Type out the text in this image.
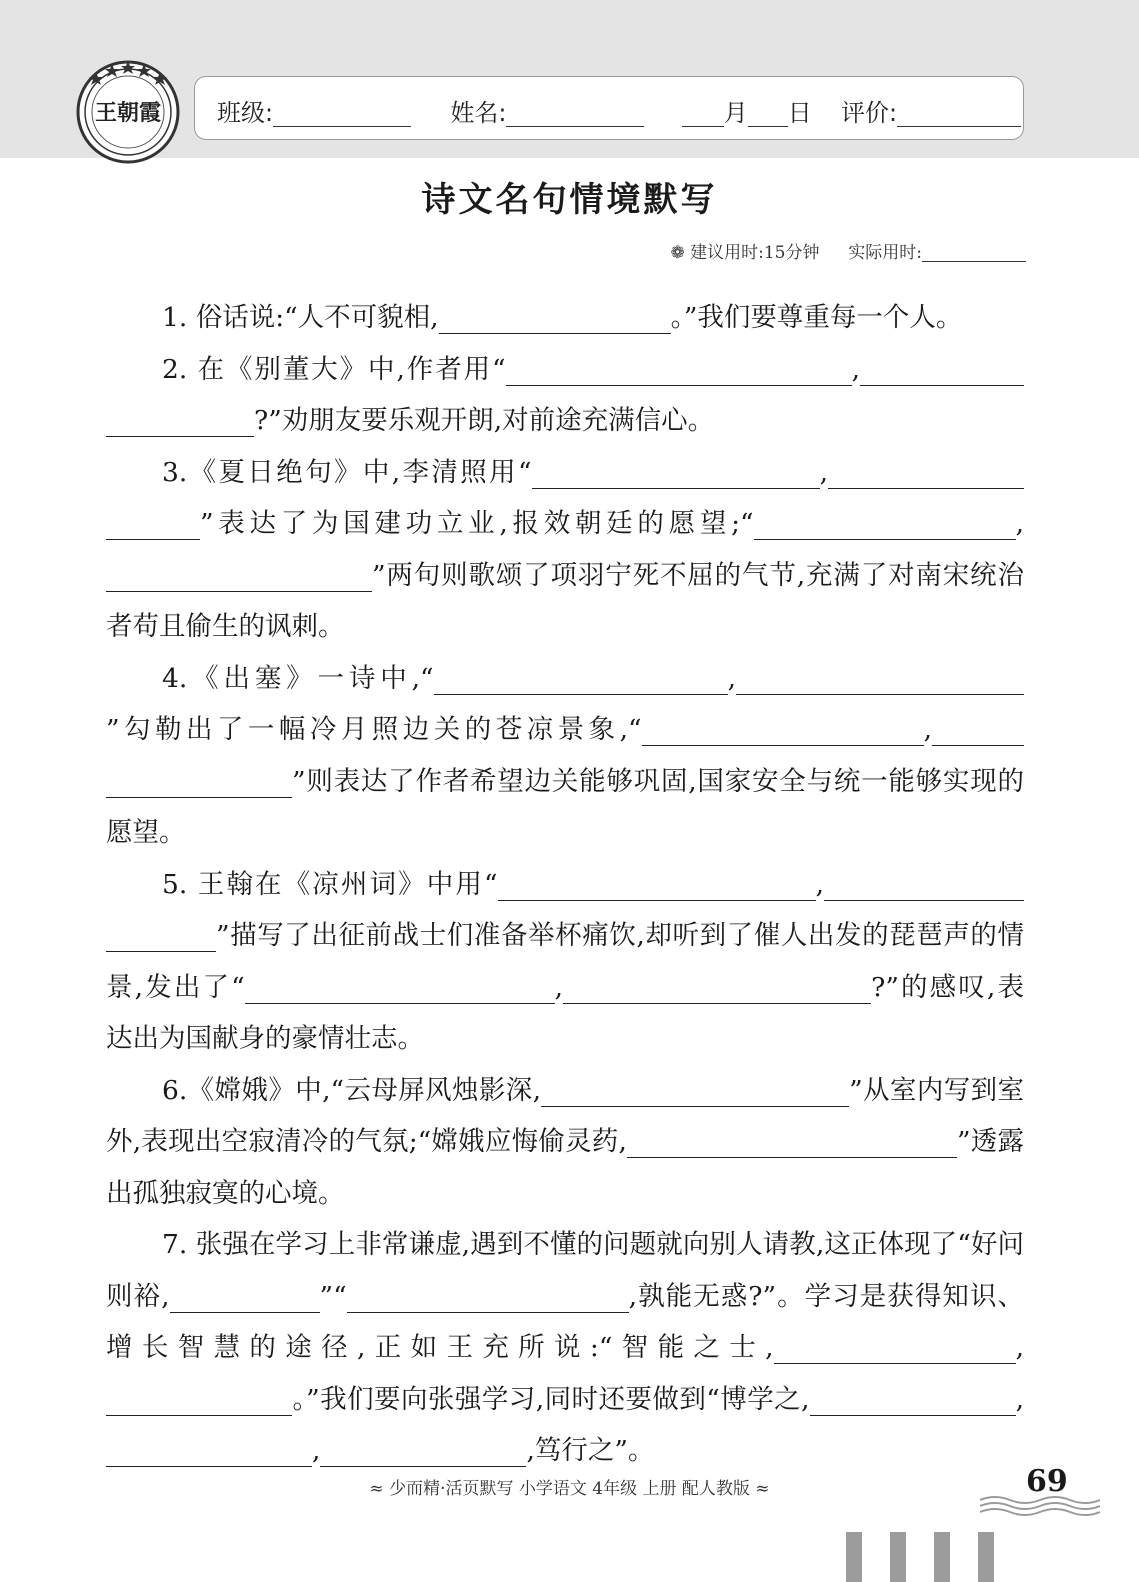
王朝霞 班级:	姓名:	月 日 评价:
诗文名句情境默写
❁ 建议用时:15分钟 实际用时:

1. 俗话说:“人不可貌相,	。”我们要尊重每一个人。

2. 在《别董大》中,作者用“	,?”劝朋友要乐观开朗,对前途充满信心。

3.《夏日绝句》中,李清照用“	,”表达了为国建功立业,报效朝廷的愿望;“	,”两句则歌颂了项羽宁死不屈的气节,充满了对南宋统治者苟且偷生的讽刺。

4.《出塞》一诗中,“	,”勾勒出了一幅冷月照边关的苍凉景象,“	,”则表达了作者希望边关能够巩固,国家安全与统一能够实现的愿望。

5. 王翰在《凉州词》中用“	,”描写了出征前战士们准备举杯痛饮,却听到了催人出发的琵琶声的情景,发出了“	,	?”的感叹,表达出为国献身的豪情壮志。

6.《嫦娥》中,“云母屏风烛影深,	”从室内写到室外,表现出空寂清冷的气氛;“嫦娥应悔偷灵药,	”透露出孤独寂寞的心境。

7. 张强在学习上非常谦虚,遇到不懂的问题就向别人请教,这正体现了“好问则裕,	”“	,孰能无惑?”。学习是获得知识、增长智慧的途径,正如王充所说:“智能之士,	,。”我们要向张强学习,同时还要做到“博学之,	,,	,笃行之”。

≈ 少而精·活页默写 小学语文 4年级 上册 配人教版 ≈	69
